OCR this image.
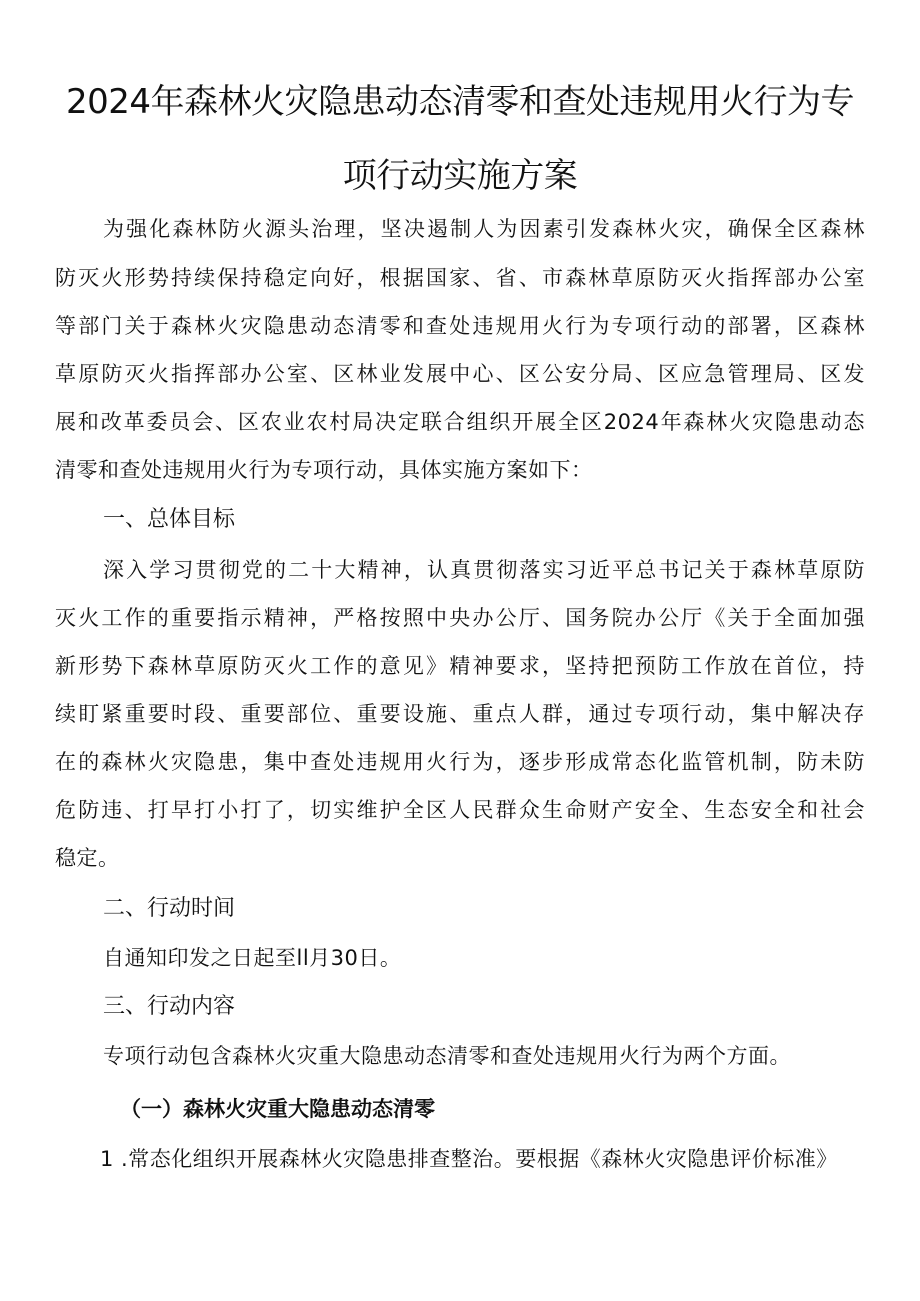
2024年森林火灾隐患动态清零和查处违规用火行为专
项行动实施方案
为强化森林防火源头治理，坚决遏制人为因素引发森林火灾，确保全区森林
防灭火形势持续保持稳定向好，根据国家、省、市森林草原防灭火指挥部办公室
等部门关于森林火灾隐患动态清零和查处违规用火行为专项行动的部署，区森林
草原防灭火指挥部办公室、区林业发展中心、区公安分局、区应急管理局、区发
展和改革委员会、区农业农村局决定联合组织开展全区2024年森林火灾隐患动态
清零和查处违规用火行为专项行动，具体实施方案如下：
一、总体目标
深入学习贯彻党的二十大精神，认真贯彻落实习近平总书记关于森林草原防
灭火工作的重要指示精神，严格按照中央办公厅、国务院办公厅《关于全面加强
新形势下森林草原防灭火工作的意见》精神要求，坚持把预防工作放在首位，持
续盯紧重要时段、重要部位、重要设施、重点人群，通过专项行动，集中解决存
在的森林火灾隐患，集中查处违规用火行为，逐步形成常态化监管机制，防未防
危防违、打早打小打了，切实维护全区人民群众生命财产安全、生态安全和社会
稳定。
二、行动时间
自通知印发之日起至ll月30日。
三、行动内容
专项行动包含森林火灾重大隐患动态清零和查处违规用火行为两个方面。
（一）森林火灾重大隐患动态清零
1 .常态化组织开展森林火灾隐患排查整治。要根据《森林火灾隐患评价标准》
